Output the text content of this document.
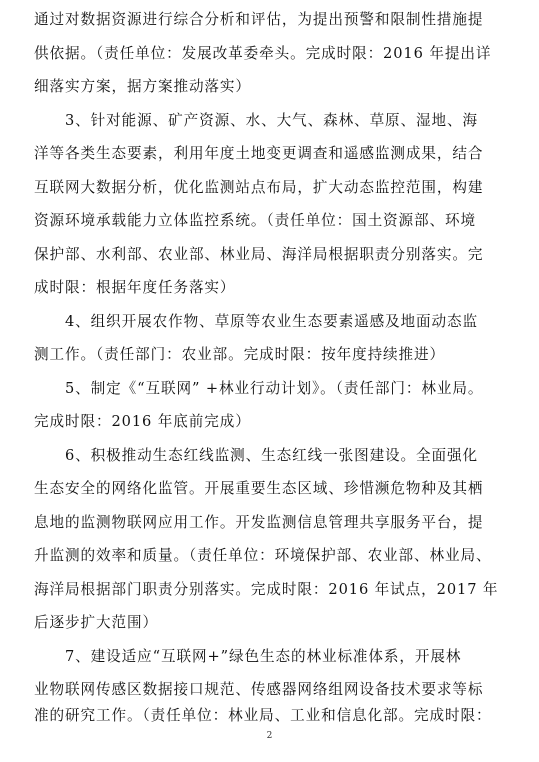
通过对数据资源进行综合分析和评估，为提出预警和限制性措施提
供依据。（责任单位：发展改革委牵头。完成时限：2016 年提出详
细落实方案，据方案推动落实）
3、针对能源、矿产资源、水、大气、森林、草原、湿地、海
洋等各类生态要素，利用年度土地变更调查和遥感监测成果，结合
互联网大数据分析，优化监测站点布局，扩大动态监控范围，构建
资源环境承载能力立体监控系统。（责任单位：国土资源部、环境
保护部、水利部、农业部、林业局、海洋局根据职责分别落实。完
成时限：根据年度任务落实）
4、组织开展农作物、草原等农业生态要素遥感及地面动态监
测工作。（责任部门：农业部。完成时限：按年度持续推进）
5、制定《“互联网” +林业行动计划》。（责任部门：林业局。
完成时限：2016 年底前完成）
6、积极推动生态红线监测、生态红线一张图建设。全面强化
生态安全的网络化监管。开展重要生态区域、珍惜濒危物种及其栖
息地的监测物联网应用工作。开发监测信息管理共享服务平台，提
升监测的效率和质量。（责任单位：环境保护部、农业部、林业局、
海洋局根据部门职责分别落实。完成时限：2016 年试点，2017 年
后逐步扩大范围）
7、建设适应“互联网+”绿色生态的林业标准体系，开展林
业物联网传感区数据接口规范、传感器网络组网设备技术要求等标
准的研究工作。（责任单位：林业局、工业和信息化部。完成时限：
2
